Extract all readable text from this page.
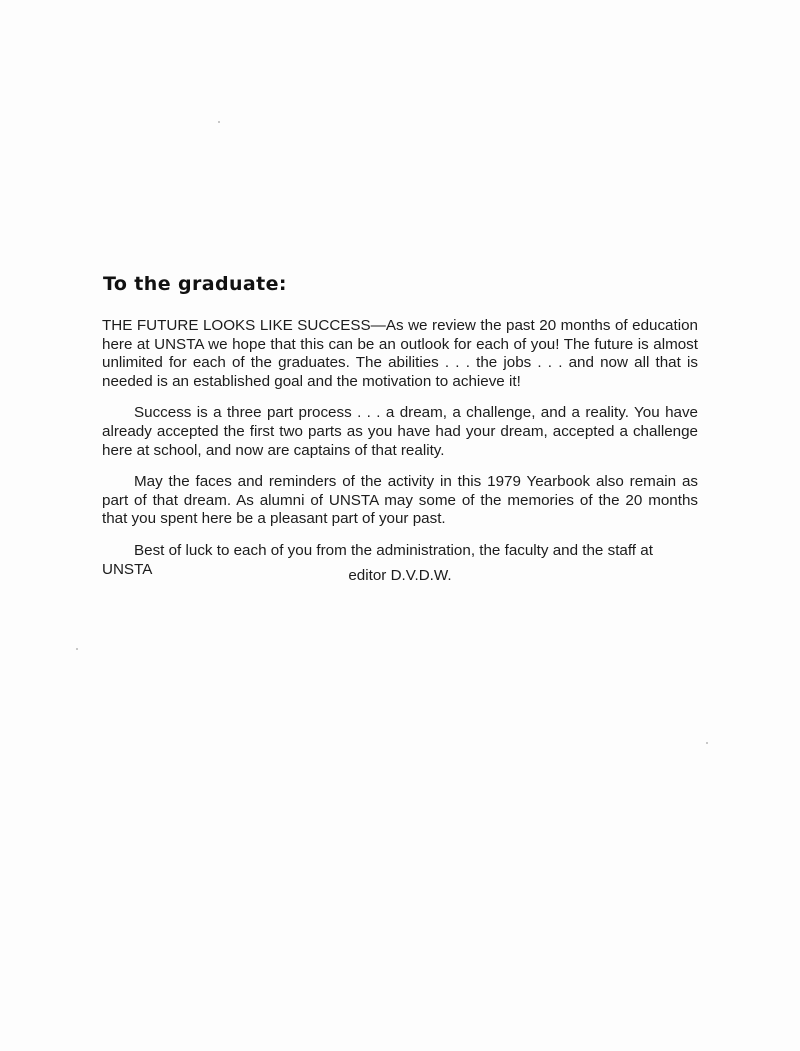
To the graduate:

THE FUTURE LOOKS LIKE SUCCESS—As we review the past 20 months of education here at UNSTA we hope that this can be an outlook for each of you! The future is almost unlimited for each of the graduates. The abilities . . . the jobs . . . and now all that is needed is an established goal and the motivation to achieve it!

Success is a three part process . . . a dream, a challenge, and a reality. You have already accepted the first two parts as you have had your dream, accepted a challenge here at school, and now are captains of that reality.

May the faces and reminders of the activity in this 1979 Yearbook also remain as part of that dream. As alumni of UNSTA may some of the memories of the 20 months that you spent here be a pleasant part of your past.

Best of luck to each of you from the administration, the faculty and the staff at UNSTA	editor D.V.D.W.
